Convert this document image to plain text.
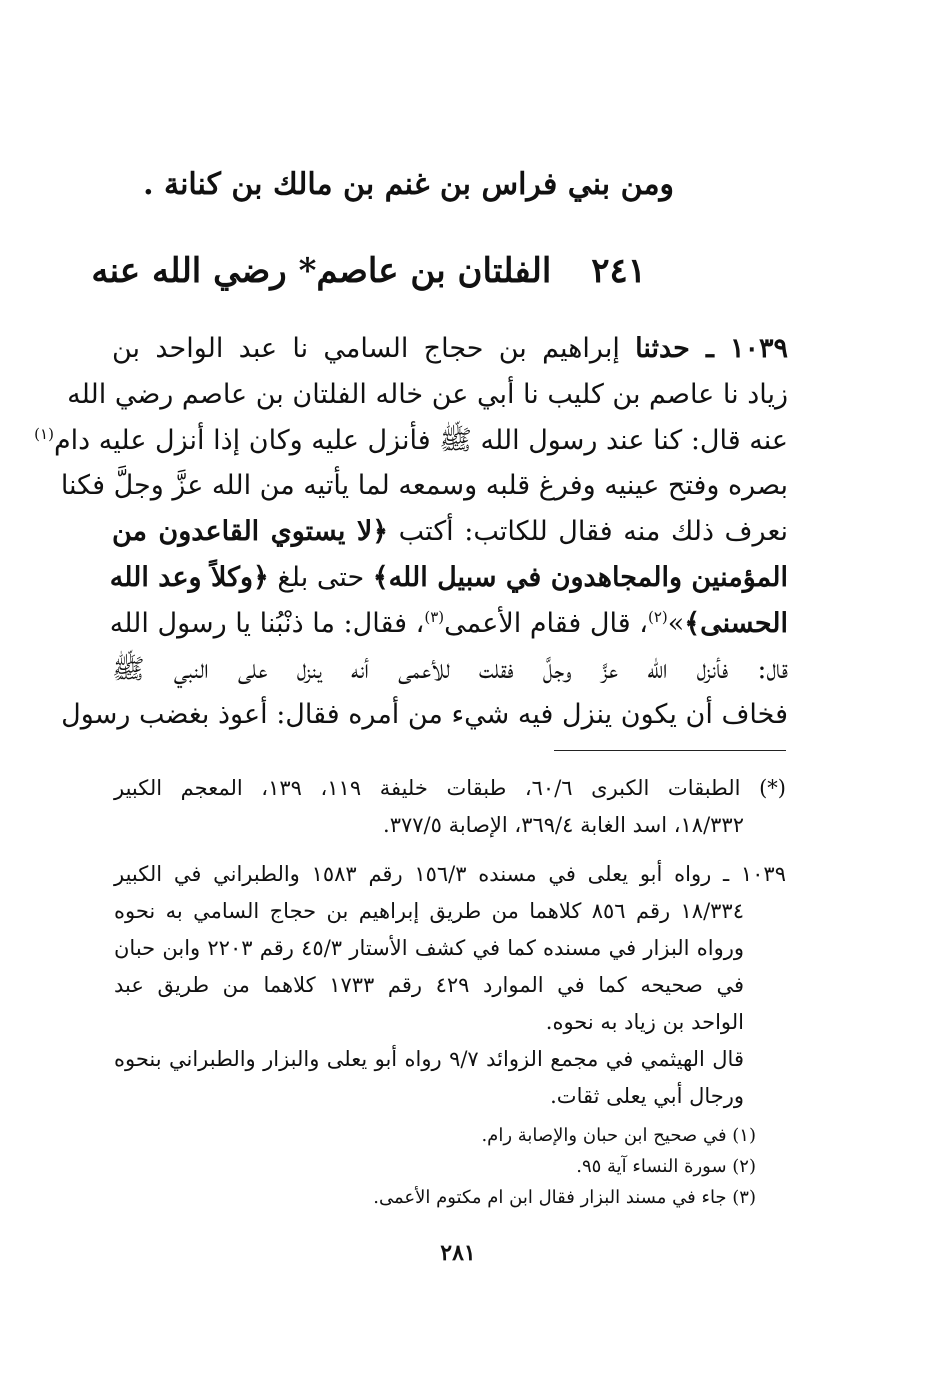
ومن بني فراس بن غنم بن مالك بن كنانة .
٢٤١ الفلتان بن عاصم* رضي الله عنه
١٠٣٩ ـ حدثنا إبراهيم بن حجاج السامي نا عبد الواحد بن
زياد نا عاصم بن كليب نا أبي عن خاله الفلتان بن عاصم رضي الله
عنه قال: كنا عند رسول الله ﷺ فأنزل عليه وكان إذا أنزل عليه دام$^{(١)}$
بصره وفتح عينيه وفرغ قلبه وسمعه لما يأتيه من الله عزَّ وجلَّ فكنا
نعرف ذلك منه فقال للكاتب: أكتب ﴿لا يستوي القاعدون من
المؤمنين والمجاهدون في سبيل الله﴾ حتى بلغ ﴿وكلاً وعد الله
الحسنى﴾»$^{(٢)}$، قال فقام الأعمى$^{(٣)}$، فقال: ما ذنْبُنا يا رسول الله
قال: فأنزل الله عزَّ وجلَّ فقلت للأعمى أنه ينزل على النبي ﷺ
فخاف أن يكون ينزل فيه شيء من أمره فقال: أعوذ بغضب رسول
(*) الطبقات الكبرى ٦٠/٦، طبقات خليفة ١١٩، ١٣٩، المعجم الكبير
١٨/٣٣٢، اسد الغابة ٣٦٩/٤، الإصابة ٣٧٧/٥.
١٠٣٩ ـ رواه أبو يعلى في مسنده ١٥٦/٣ رقم ١٥٨٣ والطبراني في الكبير
١٨/٣٣٤ رقم ٨٥٦ كلاهما من طريق إبراهيم بن حجاج السامي به نحوه
ورواه البزار في مسنده كما في كشف الأستار ٤٥/٣ رقم ٢٢٠٣ وابن حبان
في صحيحه كما في الموارد ٤٢٩ رقم ١٧٣٣ كلاهما من طريق عبد
الواحد بن زياد به نحوه.
قال الهيثمي في مجمع الزوائد ٩/٧ رواه أبو يعلى والبزار والطبراني بنحوه
ورجال أبي يعلى ثقات.
(١) في صحيح ابن حبان والإصابة رام.
(٢) سورة النساء آية ٩٥.
(٣) جاء في مسند البزار فقال ابن ام مكتوم الأعمى.
٢٨١
